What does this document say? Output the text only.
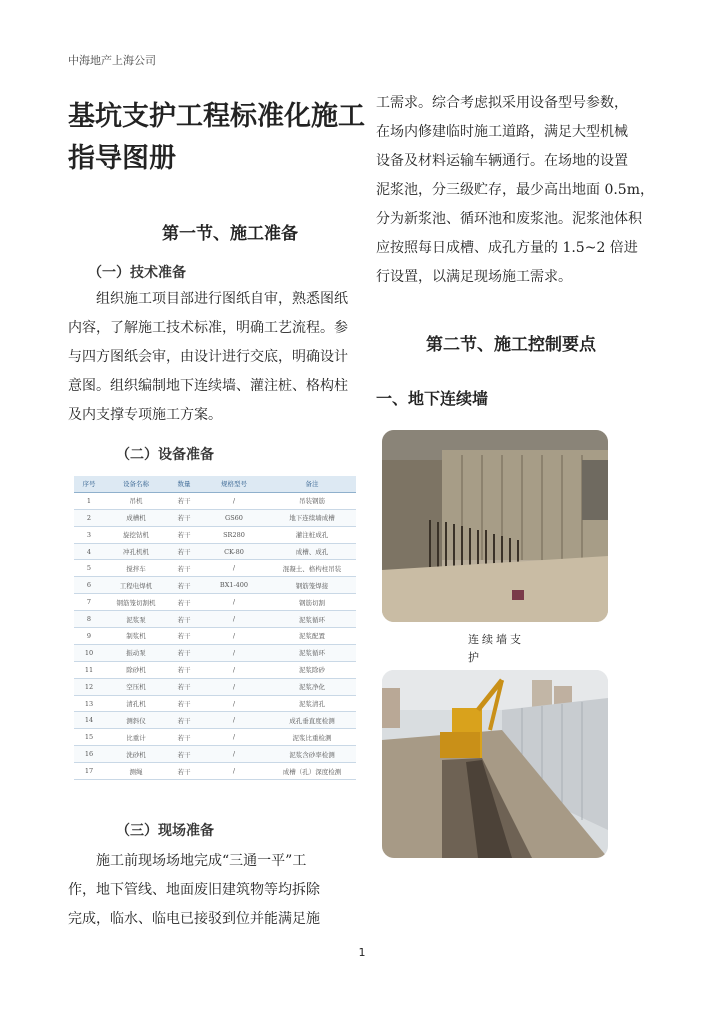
中海地产上海公司
基坑支护工程标准化施工指导图册
第一节、施工准备
（一）技术准备

组织施工项目部进行图纸自审，熟悉图纸内容，了解施工技术标准，明确工艺流程。参与四方图纸会审，由设计进行交底，明确设计意图。组织编制地下连续墙、灌注桩、格构柱及内支撑专项施工方案。

（二）设备准备
序号	设备名称	数量	规格型号	备注
1	吊机	若干	/	吊装钢筋
2	成槽机	若干	GS60	地下连续墙成槽
3	旋挖钻机	若干	SR280	灌注桩成孔
4	冲孔机机	若干	CK-80	成槽、成孔
5	搅拌车	若干	/	混凝土、格构柱吊装
6	工程电焊机	若干	BX1-400	钢筋笼焊接
7	钢筋笼切割机	若干	/	钢筋切割
8	泥浆泵	若干	/	泥浆循环
9	制浆机	若干	/	泥浆配置
10	振动泵	若干	/	泥浆循环
11	除砂机	若干	/	泥浆除砂
12	空压机	若干	/	泥浆净化
13	清孔机	若干	/	泥浆清孔
14	测斜仪	若干	/	成孔垂直度检测
15	比重计	若干	/	泥浆比重检测
16	洗砂机	若干	/	泥浆含砂率检测
17	测绳	若干	/	成槽（孔）深度检测
（三）现场准备
施工前现场场地完成“三通一平”工
作，地下管线、地面废旧建筑物等均拆除
完成，临水、临电已接驳到位并能满足施
工需求。综合考虑拟采用设备型号参数，
在场内修建临时施工道路，满足大型机械
设备及材料运输车辆通行。在场地的设置
泥浆池，分三级贮存，最少高出地面 0.5m，
分为新浆池、循环池和废浆池。泥浆池体积
应按照每日成槽、成孔方量的 1.5~2 倍进
行设置，以满足现场施工需求。
第二节、施工控制要点
一、地下连续墙

连续墙支护

1
